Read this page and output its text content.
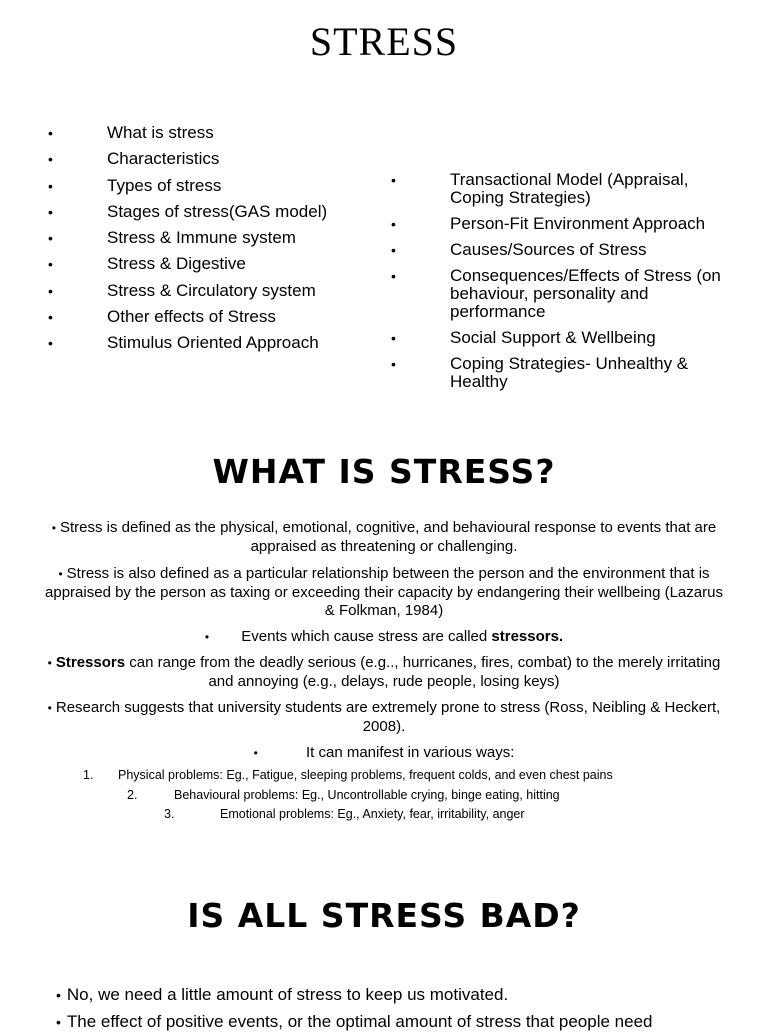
STRESS
•	What is stress
•	Characteristics
•	Types of stress
•	Stages of stress(GAS model)
•	Stress & Immune system
•	Stress & Digestive
•	Stress & Circulatory system
•	Other effects of Stress
•	Stimulus Oriented Approach
•	Transactional Model (Appraisal, Coping Strategies)
•	Person-Fit Environment Approach
•	Causes/Sources of Stress
•	Consequences/Effects of Stress (on behaviour, personality and performance
•	Social Support & Wellbeing
•	Coping Strategies- Unhealthy & Healthy
WHAT IS STRESS?
• Stress is defined as the physical, emotional, cognitive, and behavioural response to events that are appraised as threatening or challenging.
• Stress is also defined as a particular relationship between the person and the environment that is appraised by the person as taxing or exceeding their capacity by endangering their wellbeing (Lazarus & Folkman, 1984)
• Events which cause stress are called stressors.
• Stressors can range from the deadly serious (e.g.., hurricanes, fires, combat) to the merely irritating and annoying (e.g., delays, rude people, losing keys)
• Research suggests that university students are extremely prone to stress (Ross, Neibling & Heckert, 2008).
•	It can manifest in various ways:
1. Physical problems: Eg., Fatigue, sleeping problems, frequent colds, and even chest pains
2.	Behavioural problems: Eg., Uncontrollable crying, binge eating, hitting
3.	Emotional problems: Eg., Anxiety, fear, irritability, anger
IS ALL STRESS BAD?
• No, we need a little amount of stress to keep us motivated.
• The effect of positive events, or the optimal amount of stress that people need
